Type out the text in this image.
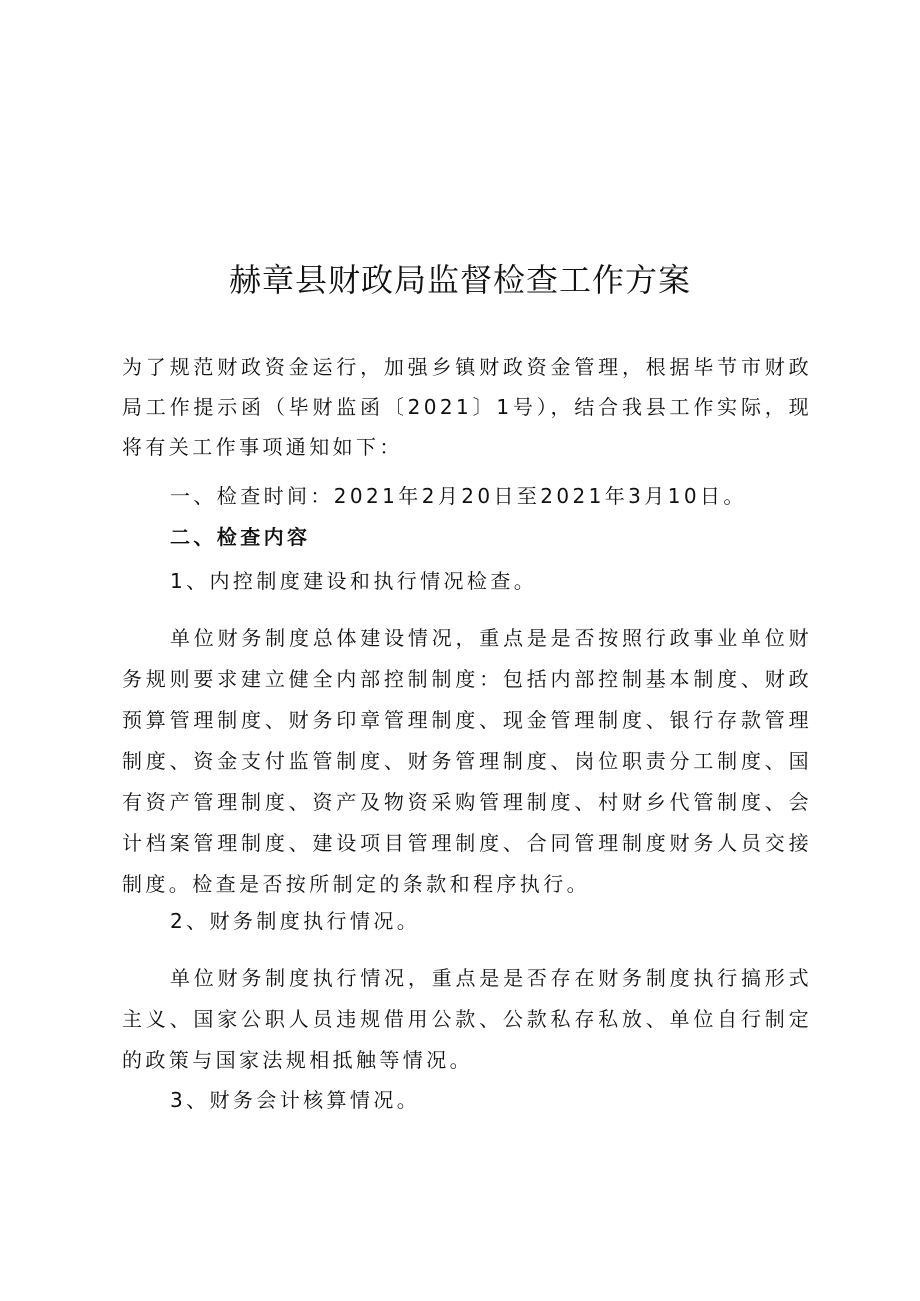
赫章县财政局监督检查工作方案

为了规范财政资金运行，加强乡镇财政资金管理，根据毕节市财政局工作提示函（毕财监函〔2021〕1号），结合我县工作实际，现将有关工作事项通知如下：

一、检查时间：2021年2月20日至2021年3月10日。

二、检查内容

1、内控制度建设和执行情况检查。

单位财务制度总体建设情况，重点是是否按照行政事业单位财务规则要求建立健全内部控制制度：包括内部控制基本制度、财政预算管理制度、财务印章管理制度、现金管理制度、银行存款管理制度、资金支付监管制度、财务管理制度、岗位职责分工制度、国有资产管理制度、资产及物资采购管理制度、村财乡代管制度、会计档案管理制度、建设项目管理制度、合同管理制度财务人员交接制度。检查是否按所制定的条款和程序执行。

2、财务制度执行情况。

单位财务制度执行情况，重点是是否存在财务制度执行搞形式主义、国家公职人员违规借用公款、公款私存私放、单位自行制定的政策与国家法规相抵触等情况。

3、财务会计核算情况。
